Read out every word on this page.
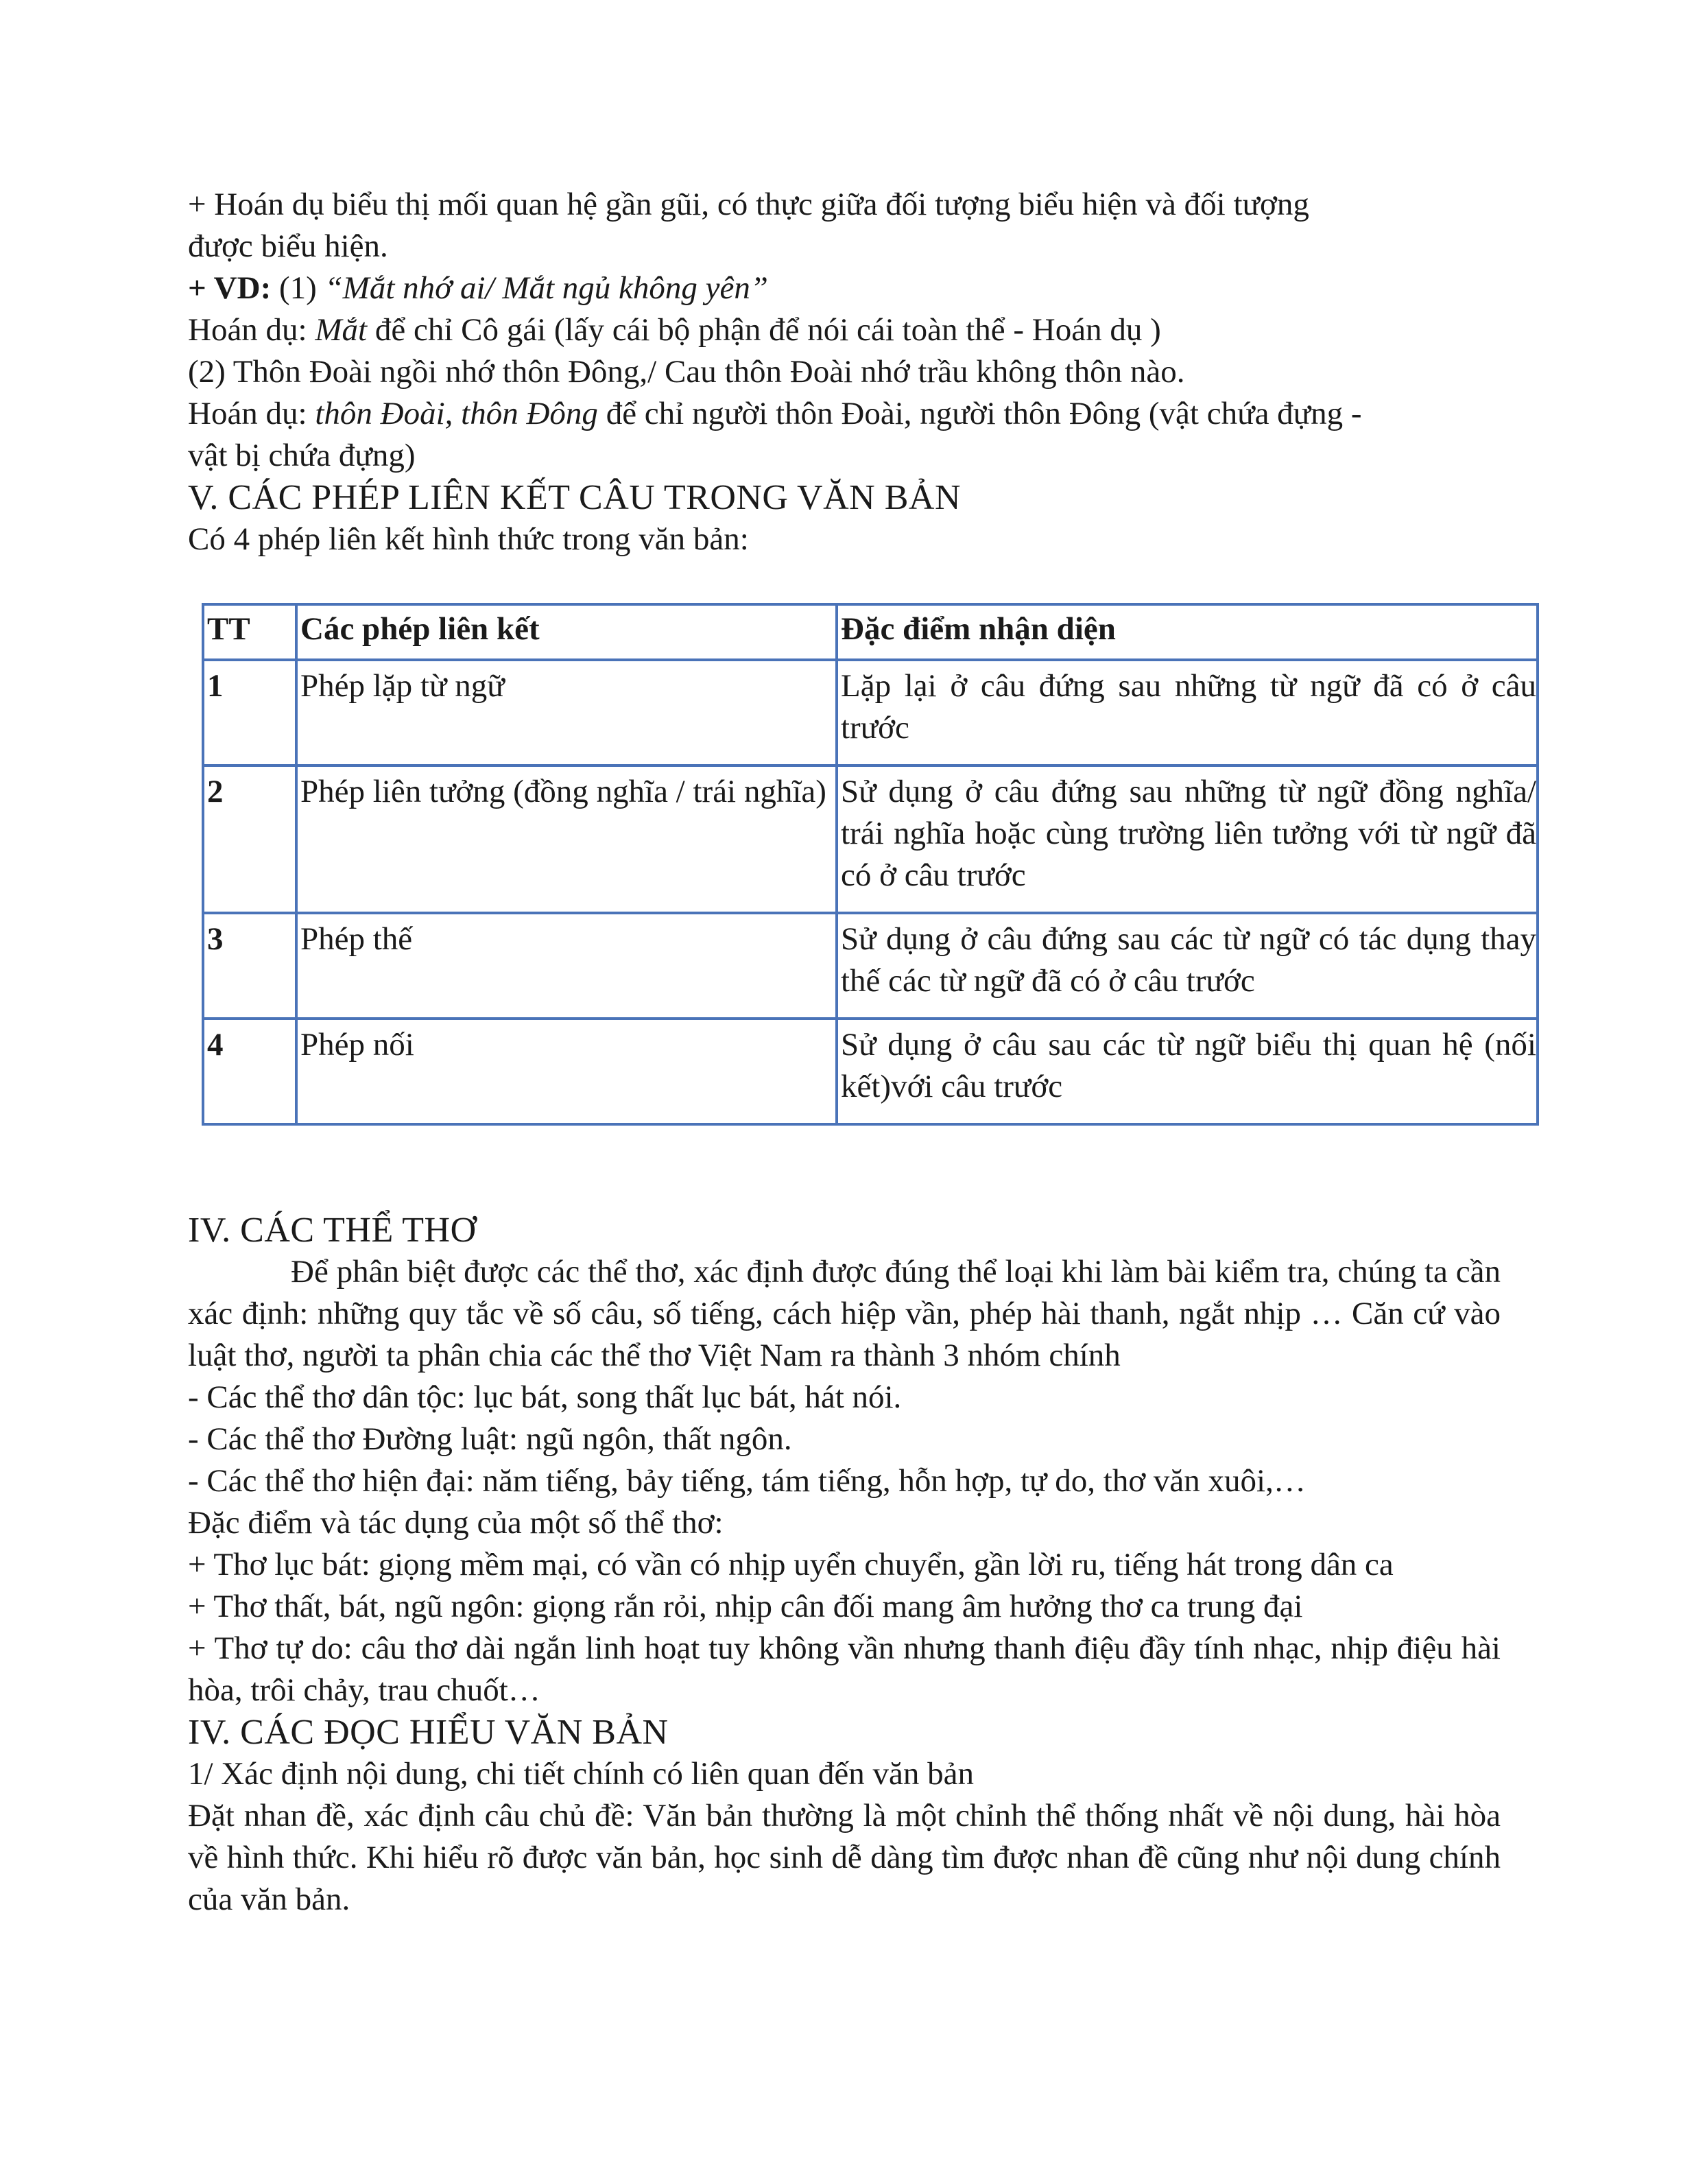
+ Hoán dụ biểu thị mối quan hệ gần gũi, có thực giữa đối tượng biểu hiện và đối tượng
được biểu hiện.
+ VD: (1) “Mắt nhớ ai/ Mắt ngủ không yên”
Hoán dụ: Mắt để chỉ Cô gái (lấy cái bộ phận để nói cái toàn thể - Hoán dụ )
(2) Thôn Đoài ngồi nhớ thôn Đông,/ Cau thôn Đoài nhớ trầu không thôn nào.
Hoán dụ: thôn Đoài, thôn Đông để chỉ người thôn Đoài, người thôn Đông (vật chứa đựng -
vật bị chứa đựng)
V. CÁC PHÉP LIÊN KẾT CÂU TRONG VĂN BẢN
Có 4 phép liên kết hình thức trong văn bản:
TT	Các phép liên kết	Đặc điểm nhận diện
1	Phép lặp từ ngữ	Lặp lại ở câu đứng sau những từ ngữ đã có ở câu trước
2	Phép liên tưởng (đồng nghĩa / trái nghĩa)	Sử dụng ở câu đứng sau những từ ngữ đồng nghĩa/ trái nghĩa hoặc cùng trường liên tưởng với từ ngữ đã có ở câu trước
3	Phép thế	Sử dụng ở câu đứng sau các từ ngữ có tác dụng thay thế các từ ngữ đã có ở câu trước
4	Phép nối	Sử dụng ở câu sau các từ ngữ biểu thị quan hệ (nối kết)với câu trước
IV. CÁC THỂ THƠ
Để phân biệt được các thể thơ, xác định được đúng thể loại khi làm bài kiểm tra, chúng ta cần xác định: những quy tắc về số câu, số tiếng, cách hiệp vần, phép hài thanh, ngắt nhịp … Căn cứ vào luật thơ, người ta phân chia các thể thơ Việt Nam ra thành 3 nhóm chính
- Các thể thơ dân tộc: lục bát, song thất lục bát, hát nói.
- Các thể thơ Đường luật: ngũ ngôn, thất ngôn.
- Các thể thơ hiện đại: năm tiếng, bảy tiếng, tám tiếng, hỗn hợp, tự do, thơ văn xuôi,…
Đặc điểm và tác dụng của một số thể thơ:
+ Thơ lục bát: giọng mềm mại, có vần có nhịp uyển chuyển, gần lời ru, tiếng hát trong dân ca
+ Thơ thất, bát, ngũ ngôn: giọng rắn rỏi, nhịp cân đối mang âm hưởng thơ ca trung đại
+ Thơ tự do: câu thơ dài ngắn linh hoạt tuy không vần nhưng thanh điệu đầy tính nhạc, nhịp điệu hài hòa, trôi chảy, trau chuốt…
IV. CÁC ĐỌC HIỂU VĂN BẢN
1/ Xác định nội dung, chi tiết chính có liên quan đến văn bản
Đặt nhan đề, xác định câu chủ đề: Văn bản thường là một chỉnh thể thống nhất về nội dung, hài hòa về hình thức. Khi hiểu rõ được văn bản, học sinh dễ dàng tìm được nhan đề cũng như nội dung chính của văn bản.
